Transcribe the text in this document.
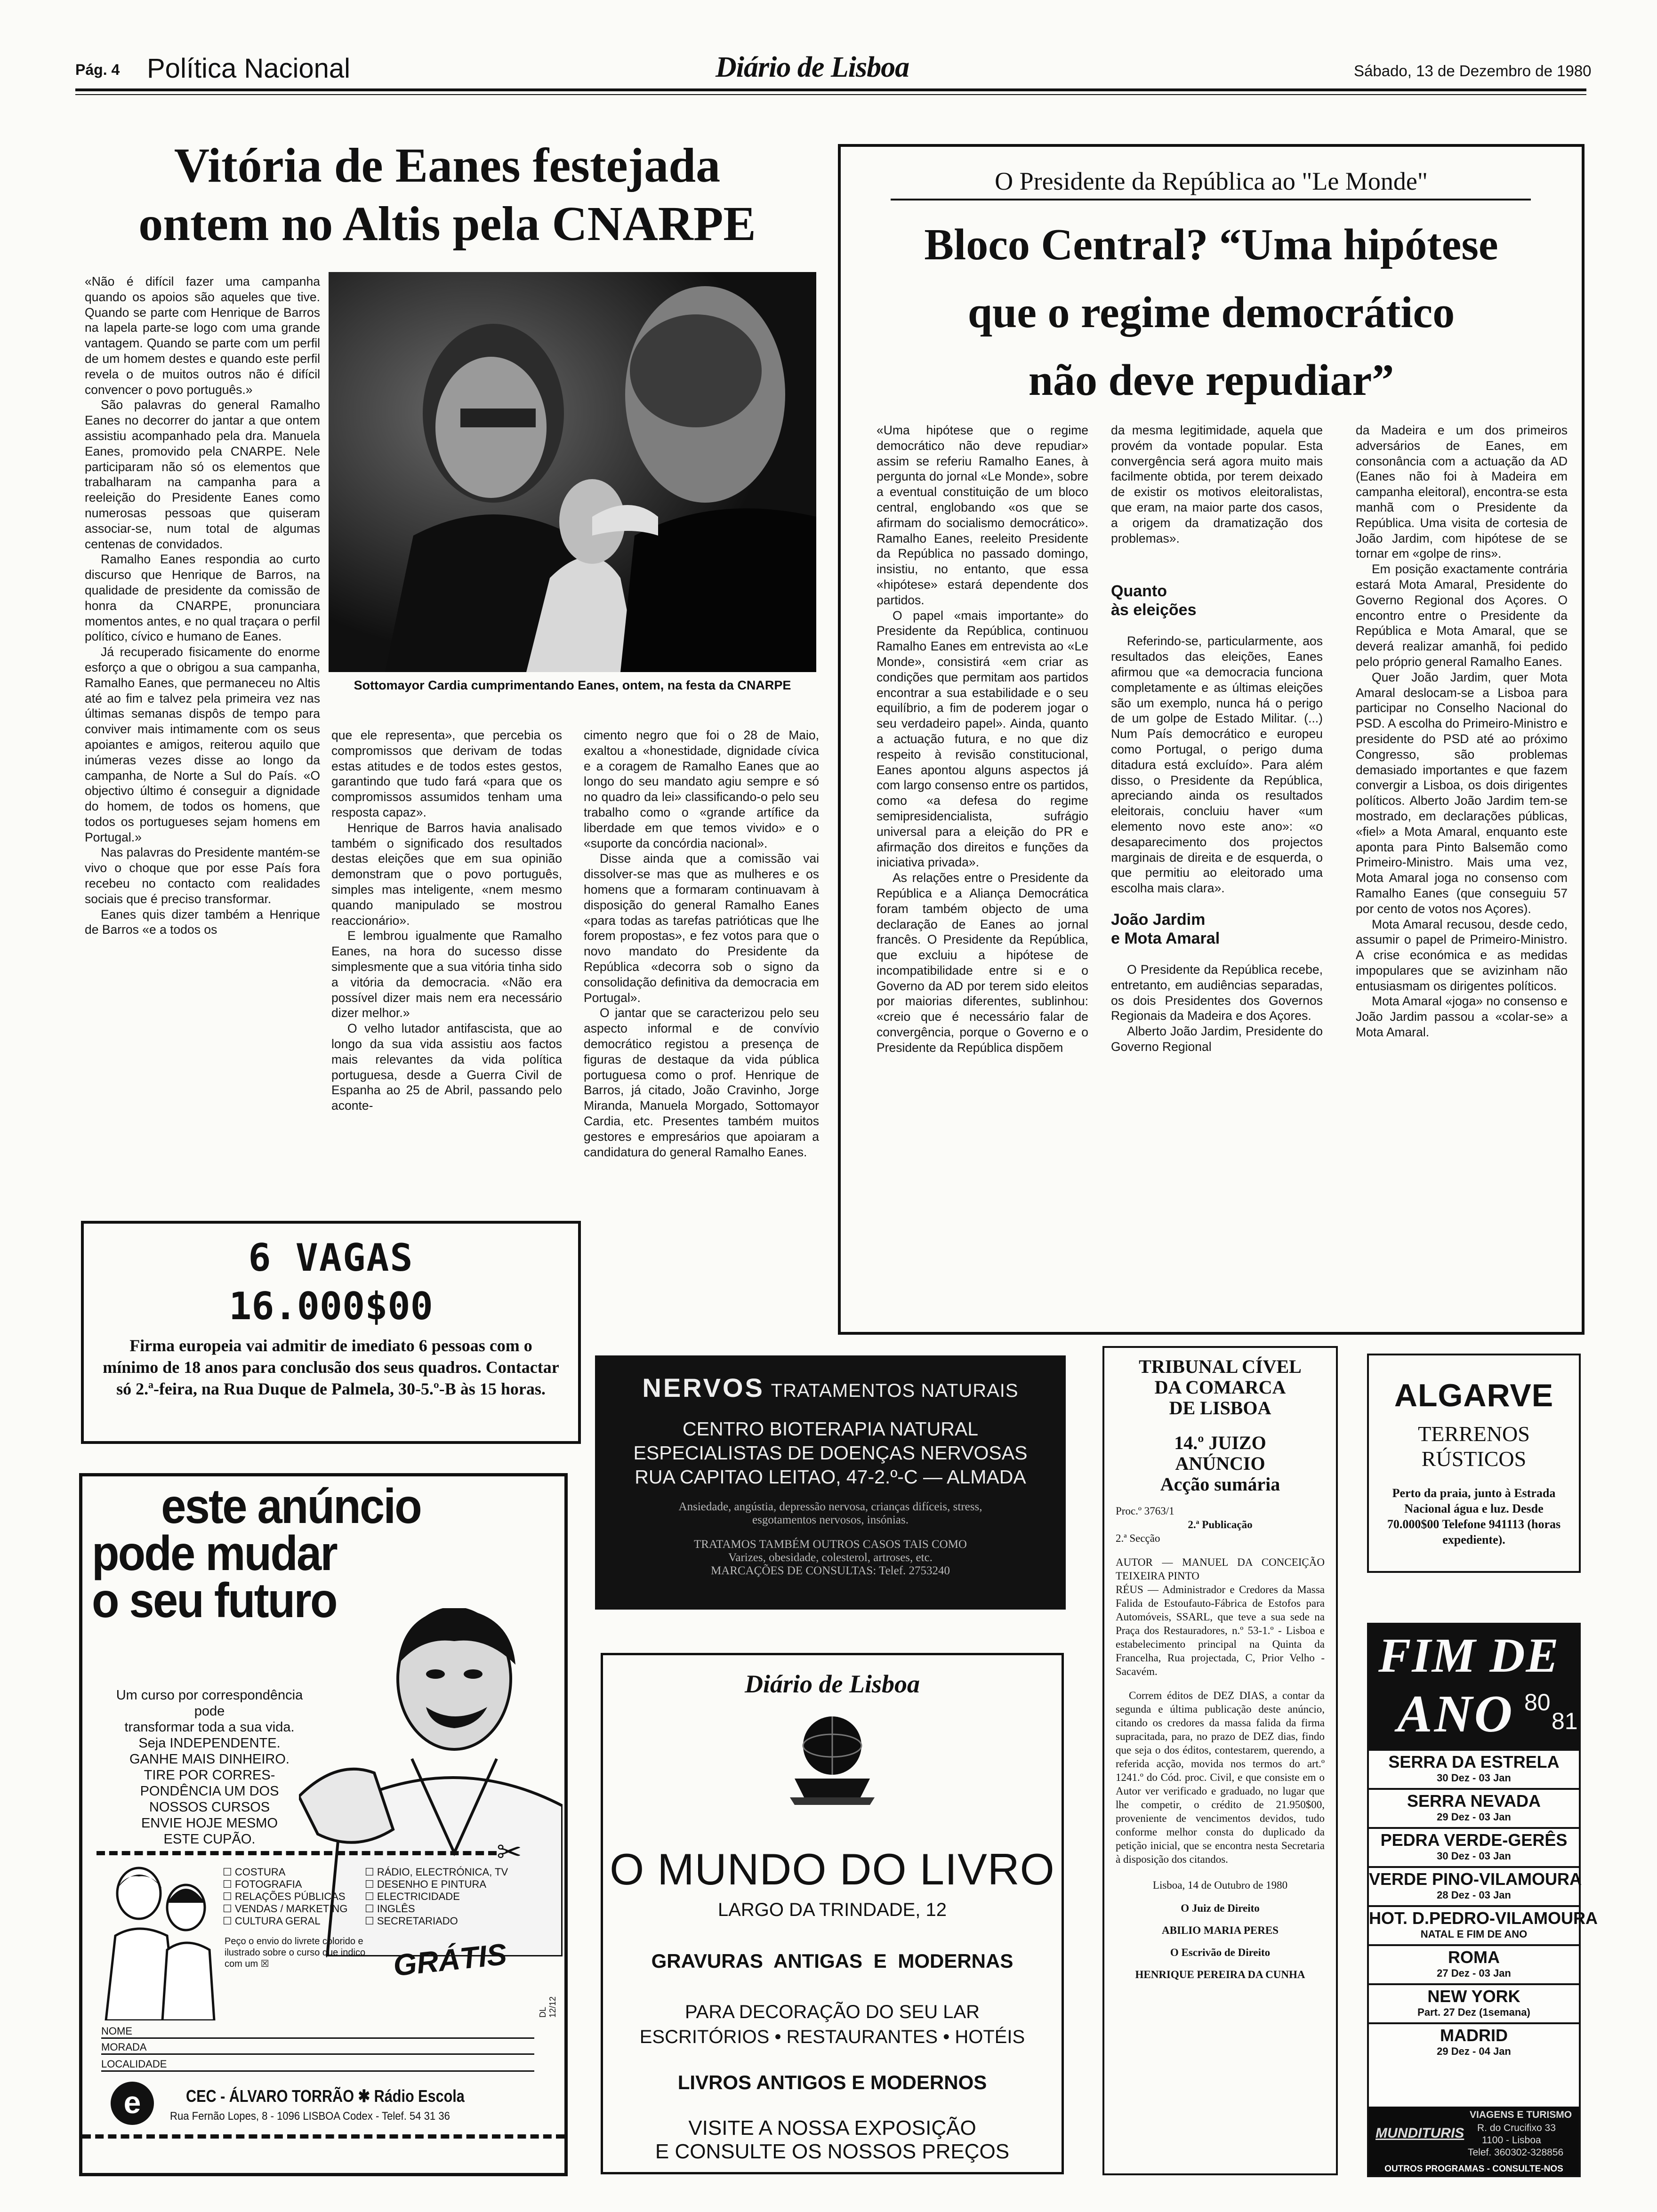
Pág. 4 Política Nacional	Diário de Lisboa	Sábado, 13 de Dezembro de 1980
Vitória de Eanes festejada
ontem no Altis pela CNARPE
Sottomayor Cardia cumprimentando Eanes, ontem, na festa da CNARPE

«Não é difícil fazer uma campanha quando os apoios são aqueles que tive. Quando se parte com Henrique de Barros na lapela parte-se logo com uma grande vantagem. Quando se parte com um perfil de um homem destes e quando este perfil revela o de muitos outros não é difícil convencer o povo português.»

São palavras do general Ramalho Eanes no decorrer do jantar a que ontem assistiu acompanhado pela dra. Manuela Eanes, promovido pela CNARPE. Nele participaram não só os elementos que trabalharam na campanha para a reeleição do Presidente Eanes como numerosas pessoas que quiseram associar-se, num total de algumas centenas de convidados.

Ramalho Eanes respondia ao curto discurso que Henrique de Barros, na qualidade de presidente da comissão de honra da CNARPE, pronunciara momentos antes, e no qual traçara o perfil político, cívico e humano de Eanes.

Já recuperado fisicamente do enorme esforço a que o obrigou a sua campanha, Ramalho Eanes, que permaneceu no Altis até ao fim e talvez pela primeira vez nas últimas semanas dispôs de tempo para conviver mais intimamente com os seus apoiantes e amigos, reiterou aquilo que inúmeras vezes disse ao longo da campanha, de Norte a Sul do País. «O objectivo último é conseguir a dignidade do homem, de todos os homens, que todos os portugueses sejam homens em Portugal.»

Nas palavras do Presidente mantém-se vivo o choque que por esse País fora recebeu no contacto com realidades sociais que é preciso transformar.

Eanes quis dizer também a Henrique de Barros «e a todos os

que ele representa», que percebia os compromissos que derivam de todas estas atitudes e de todos estes gestos, garantindo que tudo fará «para que os compromissos assumidos tenham uma resposta capaz».

Henrique de Barros havia analisado também o significado dos resultados destas eleições que em sua opinião demonstram que o povo português, simples mas inteligente, «nem mesmo quando manipulado se mostrou reaccionário».

E lembrou igualmente que Ramalho Eanes, na hora do sucesso disse simplesmente que a sua vitória tinha sido a vitória da democracia. «Não era possível dizer mais nem era necessário dizer melhor.»

O velho lutador antifascista, que ao longo da sua vida assistiu aos factos mais relevantes da vida política portuguesa, desde a Guerra Civil de Espanha ao 25 de Abril, passando pelo aconte-

cimento negro que foi o 28 de Maio, exaltou a «honestidade, dignidade cívica e a coragem de Ramalho Eanes que ao longo do seu mandato agiu sempre e só no quadro da lei» classificando-o pelo seu trabalho como o «grande artífice da liberdade em que temos vivido» e o «suporte da concórdia nacional».

Disse ainda que a comissão vai dissolver-se mas que as mulheres e os homens que a formaram continuavam à disposição do general Ramalho Eanes «para todas as tarefas patrióticas que lhe forem propostas», e fez votos para que o novo mandato do Presidente da República «decorra sob o signo da consolidação definitiva da democracia em Portugal».

O jantar que se caracterizou pelo seu aspecto informal e de convívio democrático registou a presença de figuras de destaque da vida pública portuguesa como o prof. Henrique de Barros, já citado, João Cravinho, Jorge Miranda, Manuela Morgado, Sottomayor Cardia, etc. Presentes também muitos gestores e empresários que apoiaram a candidatura do general Ramalho Eanes.

O Presidente da República ao "Le Monde"
Bloco Central? “Uma hipótese
que o regime democrático
não deve repudiar”

«Uma hipótese que o regime democrático não deve repudiar» assim se referiu Ramalho Eanes, à pergunta do jornal «Le Monde», sobre a eventual constituição de um bloco central, englobando «os que se afirmam do socialismo democrático». Ramalho Eanes, reeleito Presidente da República no passado domingo, insistiu, no entanto, que essa «hipótese» estará dependente dos partidos.

O papel «mais importante» do Presidente da República, continuou Ramalho Eanes em entrevista ao «Le Monde», consistirá «em criar as condições que permitam aos partidos encontrar a sua estabilidade e o seu equilíbrio, a fim de poderem jogar o seu verdadeiro papel». Ainda, quanto a actuação futura, e no que diz respeito à revisão constitucional, Eanes apontou alguns aspectos já com largo consenso entre os partidos, como «a defesa do regime semipresidencialista, sufrágio universal para a eleição do PR e afirmação dos direitos e funções da iniciativa privada».

As relações entre o Presidente da República e a Aliança Democrática foram também objecto de uma declaração de Eanes ao jornal francês. O Presidente da República, que excluiu a hipótese de incompatibilidade entre si e o Governo da AD por terem sido eleitos por maiorias diferentes, sublinhou: «creio que é necessário falar de convergência, porque o Governo e o Presidente da República dispõem

da mesma legitimidade, aquela que provém da vontade popular. Esta convergência será agora muito mais facilmente obtida, por terem deixado de existir os motivos eleitoralistas, que eram, na maior parte dos casos, a origem da dramatização dos problemas».

Quanto
às eleições

Referindo-se, particularmente, aos resultados das eleições, Eanes afirmou que «a democracia funciona completamente e as últimas eleições são um exemplo, nunca há o perigo de um golpe de Estado Militar. (...) Num País democrático e europeu como Portugal, o perigo duma ditadura está excluído». Para além disso, o Presidente da República, apreciando ainda os resultados eleitorais, concluiu haver «um elemento novo este ano»: «o desaparecimento dos projectos marginais de direita e de esquerda, o que permitiu ao eleitorado uma escolha mais clara».

João Jardim
e Mota Amaral

O Presidente da República recebe, entretanto, em audiências separadas, os dois Presidentes dos Governos Regionais da Madeira e dos Açores.

Alberto João Jardim, Presidente do Governo Regional

da Madeira e um dos primeiros adversários de Eanes, em consonância com a actuação da AD (Eanes não foi à Madeira em campanha eleitoral), encontra-se esta manhã com o Presidente da República. Uma visita de cortesia de João Jardim, com hipótese de se tornar em «golpe de rins».

Em posição exactamente contrária estará Mota Amaral, Presidente do Governo Regional dos Açores. O encontro entre o Presidente da República e Mota Amaral, que se deverá realizar amanhã, foi pedido pelo próprio general Ramalho Eanes.

Quer João Jardim, quer Mota Amaral deslocam-se a Lisboa para participar no Conselho Nacional do PSD. A escolha do Primeiro-Ministro e presidente do PSD até ao próximo Congresso, são problemas demasiado importantes e que fazem convergir a Lisboa, os dois dirigentes políticos. Alberto João Jardim tem-se mostrado, em declarações públicas, «fiel» a Mota Amaral, enquanto este aponta para Pinto Balsemão como Primeiro-Ministro. Mais uma vez, Mota Amaral joga no consenso com Ramalho Eanes (que conseguiu 57 por cento de votos nos Açores).

Mota Amaral recusou, desde cedo, assumir o papel de Primeiro-Ministro. A crise económica e as medidas impopulares que se avizinham não entusiasmam os dirigentes políticos.

Mota Amaral «joga» no consenso e João Jardim passou a «colar-se» a Mota Amaral.

6 VAGAS
16.000$00
Firma europeia vai admitir de imediato 6 pessoas com o mínimo de 18 anos para conclusão dos seus quadros. Contactar só 2.ª-feira, na Rua Duque de Palmela, 30-5.º-B às 15 horas.	NERVOS TRATAMENTOS NATURAIS
CENTRO BIOTERAPIA NATURAL
ESPECIALISTAS DE DOENÇAS NERVOSAS
RUA CAPITAO LEITAO, 47-2.º-C — ALMADA
Ansiedade, angústia, depressão nervosa, crianças difíceis, stress,
esgotamentos nervosos, insónias.
TRATAMOS TAMBÉM OUTROS CASOS TAIS COMO
Varizes, obesidade, colesterol, artroses, etc.
MARCAÇÕES DE CONSULTAS: Telef. 2753240
Diário de Lisboa
O MUNDO DO LIVRO
LARGO DA TRINDADE, 12
GRAVURAS ANTIGAS E MODERNAS
PARA DECORAÇÃO DO SEU LAR
ESCRITÓRIOS • RESTAURANTES • HOTÉIS
LIVROS ANTIGOS E MODERNOS
VISITE A NOSSA EXPOSIÇÃO
E CONSULTE OS NOSSOS PREÇOS
TRIBUNAL CÍVEL
DA COMARCA
DE LISBOA
14.º JUIZO
ANÚNCIO
Acção sumária
Proc.º 3763/1
2.ª Publicação
2.ª Secção
AUTOR — MANUEL DA CONCEIÇÃO TEIXEIRA PINTO
RÉUS — Administrador e Credores da Massa Falida de Estoufauto-Fábrica de Estofos para Automóveis, SSARL, que teve a sua sede na Praça dos Restauradores, n.º 53-1.º - Lisboa e estabelecimento principal na Quinta da Francelha, Rua projectada, C, Prior Velho - Sacavém.
Correm éditos de DEZ DIAS, a contar da segunda e última publicação deste anúncio, citando os credores da massa falida da firma supracitada, para, no prazo de DEZ dias, findo que seja o dos éditos, contestarem, querendo, a referida acção, movida nos termos do art.º 1241.º do Cód. proc. Civil, e que consiste em o Autor ver verificado e graduado, no lugar que lhe competir, o crédito de 21.950$00, proveniente de vencimentos devidos, tudo conforme melhor consta do duplicado da petição inicial, que se encontra nesta Secretaria à disposição dos citandos.
Lisboa, 14 de Outubro de 1980
O Juiz de Direito
ABILIO MARIA PERES
O Escrivão de Direito
HENRIQUE PEREIRA DA CUNHA
ALGARVE
TERRENOS
RÚSTICOS
Perto da praia, junto à Estrada Nacional água e luz. Desde 70.000$00 Telefone 941113 (horas expediente).
FIM DE
ANO 80
81
SERRA DA ESTRELA
30 Dez - 03 Jan
SERRA NEVADA
29 Dez - 03 Jan
PEDRA VERDE-GERÊS
30 Dez - 03 Jan
VERDE PINO-VILAMOURA
28 Dez - 03 Jan
HOT. D.PEDRO-VILAMOURA
NATAL E FIM DE ANO
ROMA
27 Dez - 03 Jan
NEW YORK
Part. 27 Dez (1semana)
MADRID
29 Dez - 04 Jan
MUNDITURIS
VIAGENS E TURISMO
R. do Crucifixo 33
1100 - Lisboa
Telef. 360302-328856
OUTROS PROGRAMAS - CONSULTE-NOS
este anúncio
pode mudar
o seu futuro
Um curso por correspondência pode
transformar toda a sua vida.
Seja INDEPENDENTE.
GANHE MAIS DINHEIRO.
TIRE POR CORRES-
PONDÊNCIA UM DOS
NOSSOS CURSOS
ENVIE HOJE MESMO
ESTE CUPÃO.	✂
☐ COSTURA
☐ FOTOGRAFIA
☐ RELAÇÕES PÚBLICAS
☐ VENDAS / MARKETING
☐ CULTURA GERAL
☐ RÁDIO, ELECTRÓNICA, TV
☐ DESENHO E PINTURA
☐ ELECTRICIDADE
☐ INGLÊS
☐ SECRETARIADO
Peço o envio do livrete colorido e ilustrado sobre o curso que indico com um ☒	GRÁTIS
NOME
MORADA
LOCALIDADE
DL 12/12
e	CEC - ÁLVARO TORRÃO ✱ Rádio Escola
Rua Fernão Lopes, 8 - 1096 LISBOA Codex - Telef. 54 31 36
